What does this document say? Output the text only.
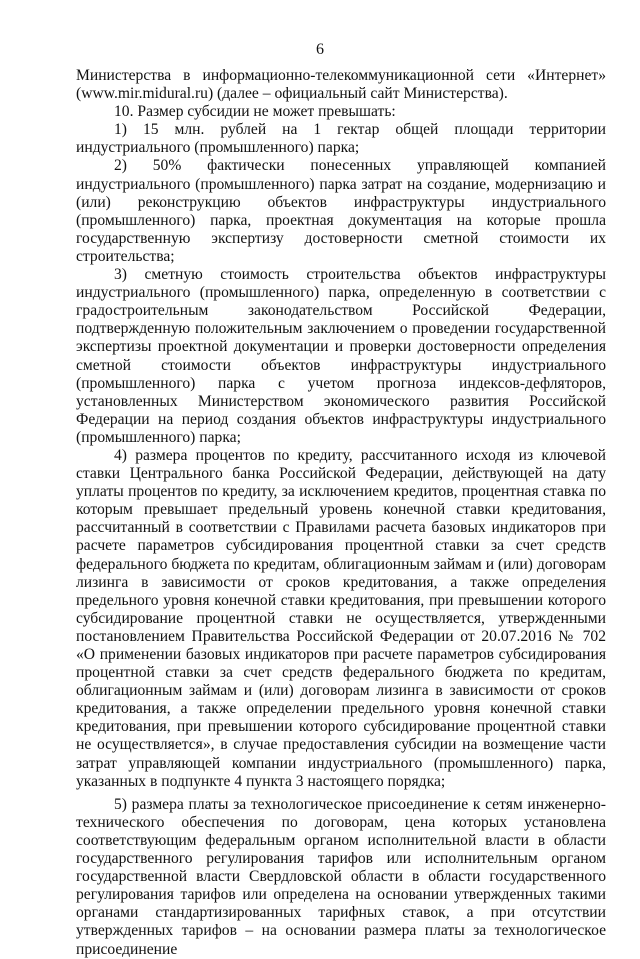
6

Министерства в информационно-телекоммуникационной сети «Интернет» (www.mir.midural.ru) (далее – официальный сайт Министерства).

10. Размер субсидии не может превышать:

1) 15 млн. рублей на 1 гектар общей площади территории индустриального (промышленного) парка;

2) 50% фактически понесенных управляющей компанией индустриального (промышленного) парка затрат на создание, модернизацию и (или) реконструкцию объектов инфраструктуры индустриального (промышленного) парка, проектная документация на которые прошла государственную экспертизу достоверности сметной стоимости их строительства;

3) сметную стоимость строительства объектов инфраструктуры индустриального (промышленного) парка, определенную в соответствии с градостроительным законодательством Российской Федерации, подтвержденную положительным заключением о проведении государственной экспертизы проектной документации и проверки достоверности определения сметной стоимости объектов инфраструктуры индустриального (промышленного) парка с учетом прогноза индексов-дефляторов, установленных Министерством экономического развития Российской Федерации на период создания объектов инфраструктуры индустриального (промышленного) парка;

4) размера процентов по кредиту, рассчитанного исходя из ключевой ставки Центрального банка Российской Федерации, действующей на дату уплаты процентов по кредиту, за исключением кредитов, процентная ставка по которым превышает предельный уровень конечной ставки кредитования, рассчитанный в соответствии с Правилами расчета базовых индикаторов при расчете параметров субсидирования процентной ставки за счет средств федерального бюджета по кредитам, облигационным займам и (или) договорам лизинга в зависимости от сроков кредитования, а также определения предельного уровня конечной ставки кредитования, при превышении которого субсидирование процентной ставки не осуществляется, утвержденными постановлением Правительства Российской Федерации от 20.07.2016 № 702 «О применении базовых индикаторов при расчете параметров субсидирования процентной ставки за счет средств федерального бюджета по кредитам, облигационным займам и (или) договорам лизинга в зависимости от сроков кредитования, а также определении предельного уровня конечной ставки кредитования, при превышении которого субсидирование процентной ставки не осуществляется», в случае предоставления субсидии на возмещение части затрат управляющей компании индустриального (промышленного) парка, указанных в подпункте 4 пункта 3 настоящего порядка;

5) размера платы за технологическое присоединение к сетям инженерно-технического обеспечения по договорам, цена которых установлена соответствующим федеральным органом исполнительной власти в области государственного регулирования тарифов или исполнительным органом государственной власти Свердловской области в области государственного регулирования тарифов или определена на основании утвержденных такими органами стандартизированных тарифных ставок, а при отсутствии утвержденных тарифов – на основании размера платы за технологическое присоединение
